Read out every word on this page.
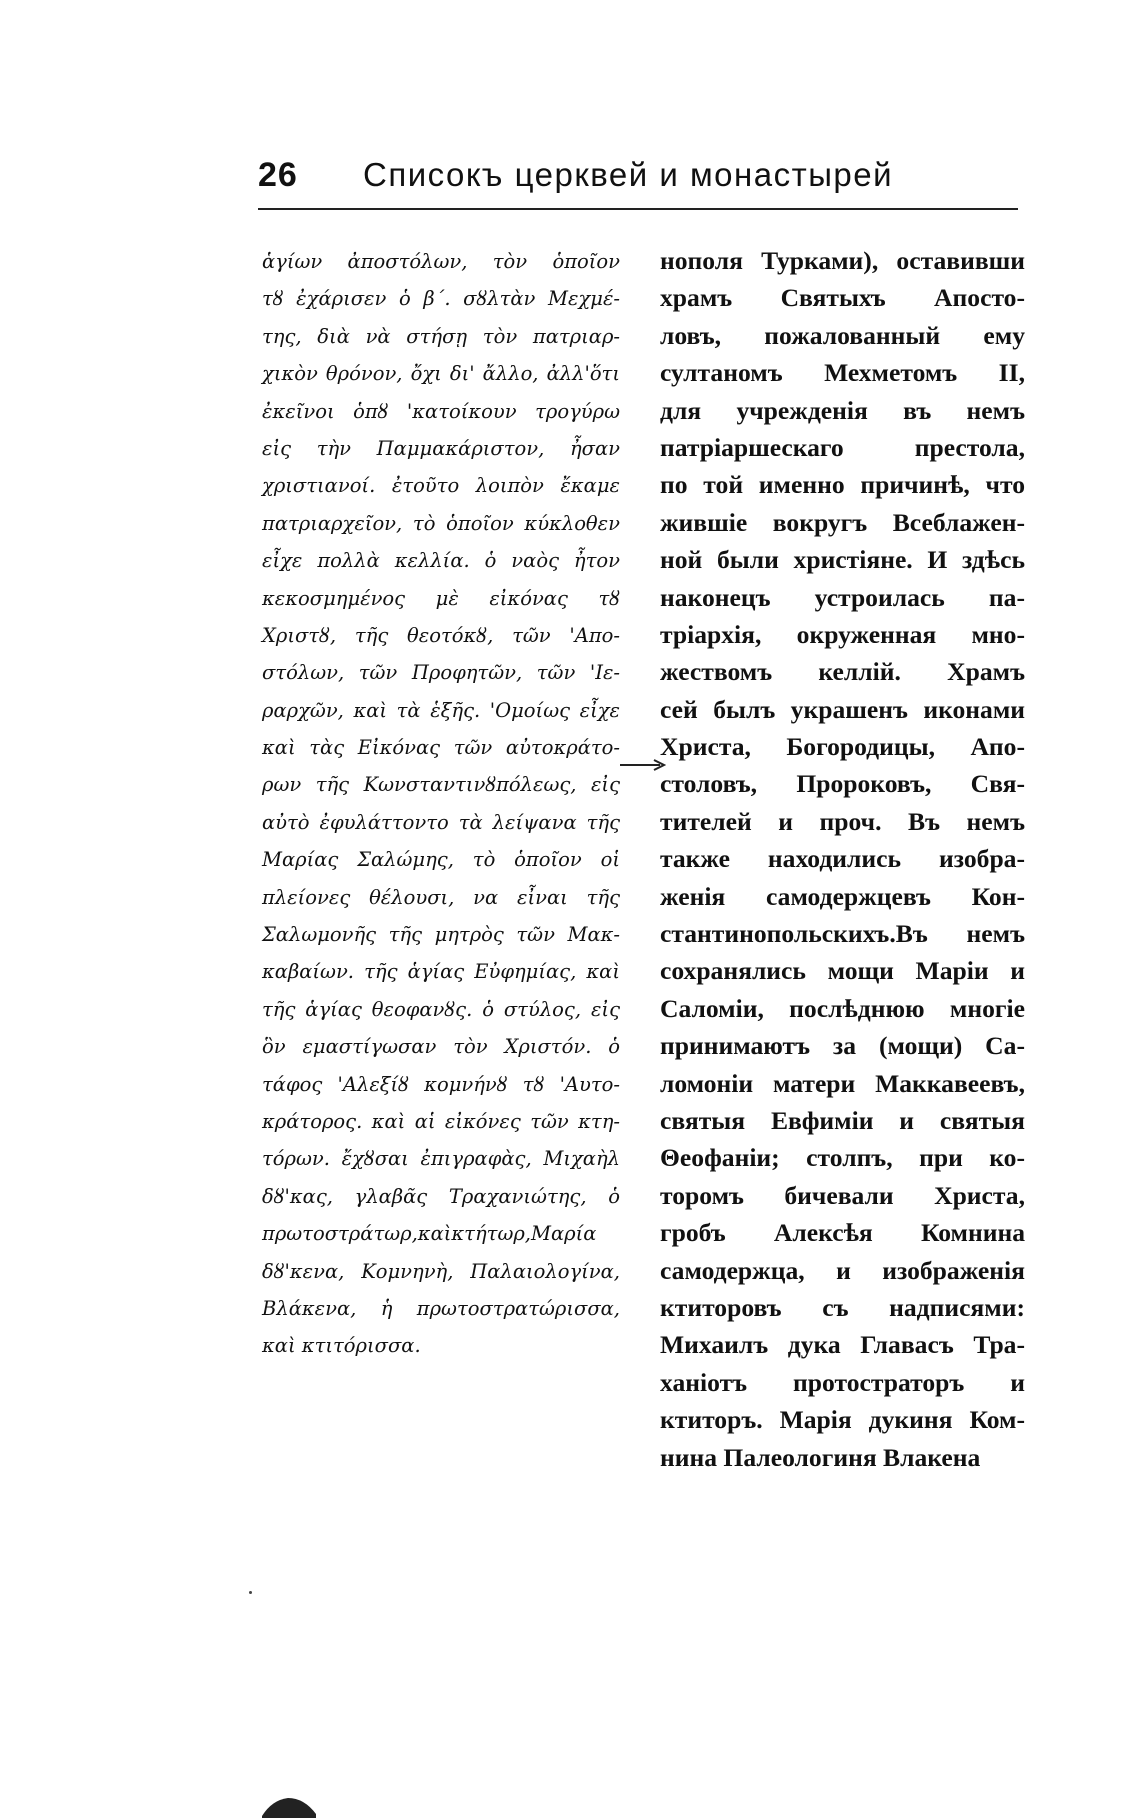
26 Списокъ церквей и монастырей
ἁγίων ἀποστόλων, τὸν ὁποῖον
τȣ ἐχάρισεν ὁ β΄. σȣλτὰν Μεχμέ-
της, διὰ νὰ στήσῃ τὸν πατριαρ-
χικὸν θρόνον, ὄχι δι' ἄλλο, ἀλλ'ὅτι
ἐκεῖνοι ὁπȣ 'κατοίκουν τρογύρω
εἰς τὴν Παμμακάριστον, ἦσαν
χριστιανοί. ἐτοῦτο λοιπὸν ἔκαμε
πατριαρχεῖον, τὸ ὁποῖον κύκλοθεν
εἶχε πολλὰ κελλία. ὁ ναὸς ἦτον
κεκοσμημένος μὲ εἰκόνας τȣ
Χριστȣ, τῆς θεοτόκȣ, τῶν 'Απο-
στόλων, τῶν Προφητῶν, τῶν 'Ιε-
ραρχῶν, καὶ τὰ ἑξῆς. 'Ομοίως εἶχε
καὶ τὰς Εἰκόνας τῶν αὐτοκράτο-
ρων τῆς Κωνσταντινȣπόλεως, εἰς
αὐτὸ ἐφυλάττοντο τὰ λείψανα τῆς
Μαρίας Σαλώμης, τὸ ὁποῖον οἱ
πλείονες θέλουσι, να εἶναι τῆς
Σαλωμονῆς τῆς μητρὸς τῶν Μακ-
καβαίων. τῆς ἁγίας Εὐφημίας, καὶ
τῆς ἁγίας θεοφανȣς. ὁ στύλος, εἰς
ὃν ɛμαστίγωσαν τὸν Χριστόν. ὁ
τάφος 'Αλεξίȣ κομνήνȣ τȣ 'Αυτο-
κράτορος. καὶ αἱ εἰκόνες τῶν κτη-
τόρων. ἔχȣσαι ἐπιγραφὰς, Μιχαὴλ
δȣ'κας, γλαβᾶς Τραχανιώτης, ὁ
πρωτοστράτωρ,καὶκτήτωρ,Μαρία
δȣ'κενα, Κομνηνὴ, Παλαιολογίνα,
Βλάκενα, ἡ πρωτοστρατώρισσα,
καὶ κτιτόρισσα.
нополя Турками), оставивши
храмъ Святыхъ Апосто-
ловъ, пожалованный ему
султаномъ Мехметомъ II,
для учрежденія въ немъ
патріаршескаго престола,
по той именно причинѣ, что
жившіе вокругъ Всеблажен-
ной были христіяне. И здѣсь
наконецъ устроилась па-
тріархія, окруженная мно-
жествомъ келлій. Храмъ
сей былъ украшенъ иконами
Христа, Богородицы, Апо-
столовъ, Пророковъ, Свя-
тителей и проч. Въ немъ
также находились изобра-
женія самодержцевъ Кон-
стантинопольскихъ.Въ немъ
сохранялись мощи Маріи и
Саломіи, послѣднюю многіе
принимаютъ за (мощи) Са-
ломоніи матери Маккавеевъ,
святыя Евфиміи и святыя
Θеофаніи; столпъ, при ко-
торомъ бичевали Христа,
гробъ Алексѣя Комнина
самодержца, и изображенія
ктиторовъ съ надписями:
Михаилъ дука Главасъ Тра-
ханіотъ протостраторъ и
ктиторъ. Марія дукиня Ком-
нина Палеологиня Влакена
